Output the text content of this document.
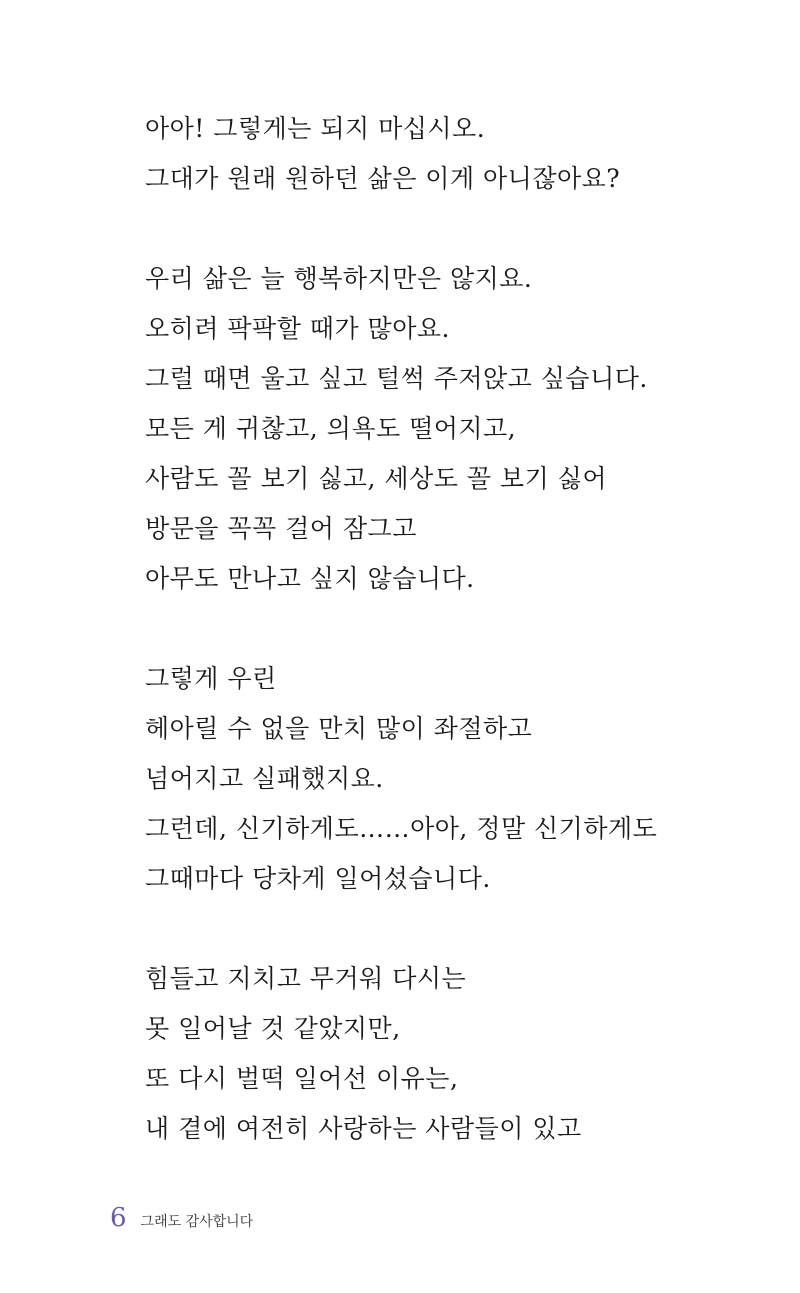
아아! 그렇게는 되지 마십시오.
그대가 원래 원하던 삶은 이게 아니잖아요?
우리 삶은 늘 행복하지만은 않지요.
오히려 팍팍할 때가 많아요.
그럴 때면 울고 싶고 털썩 주저앉고 싶습니다.
모든 게 귀찮고, 의욕도 떨어지고,
사람도 꼴 보기 싫고, 세상도 꼴 보기 싫어
방문을 꼭꼭 걸어 잠그고
아무도 만나고 싶지 않습니다.
그렇게 우린
헤아릴 수 없을 만치 많이 좌절하고
넘어지고 실패했지요.
그런데, 신기하게도……아아, 정말 신기하게도
그때마다 당차게 일어섰습니다.
힘들고 지치고 무거워 다시는
못 일어날 것 같았지만,
또 다시 벌떡 일어선 이유는,
내 곁에 여전히 사랑하는 사람들이 있고
6 그래도 감사합니다
